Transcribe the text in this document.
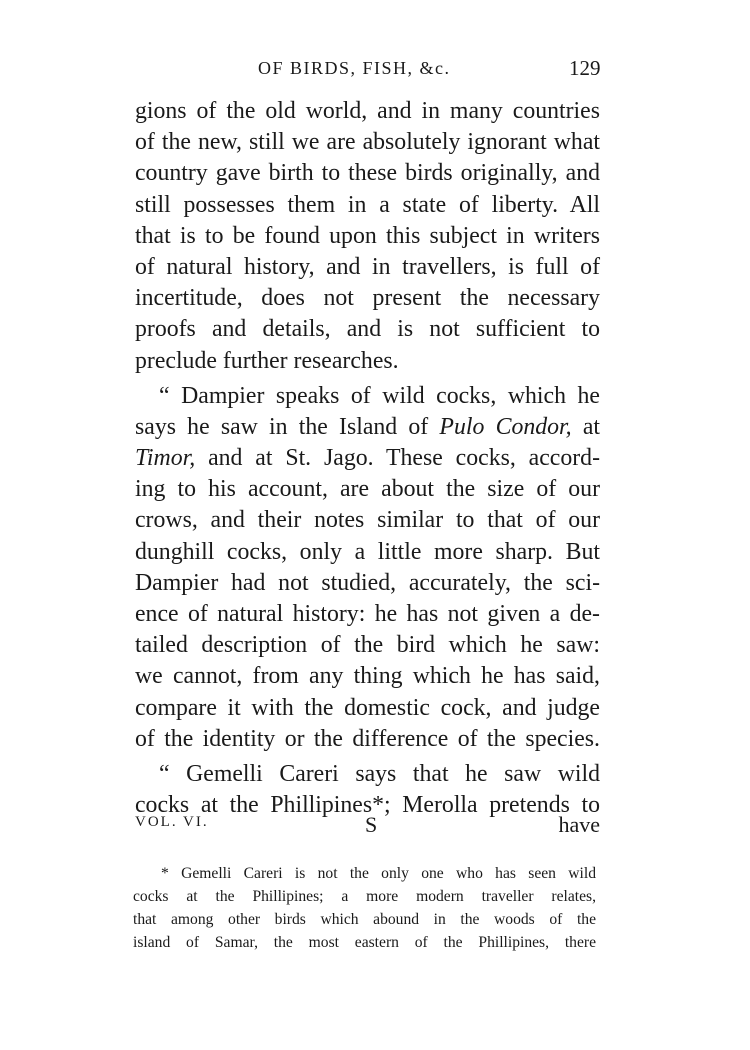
OF BIRDS, FISH, &c.	129
gions of the old world, and in many countries
of the new, still we are absolutely ignorant what
country gave birth to these birds originally, and
still possesses them in a state of liberty. All
that is to be found upon this subject in writers
of natural history, and in travellers, is full of
incertitude, does not present the necessary
proofs and details, and is not sufficient to
preclude further researches.
“ Dampier speaks of wild cocks, which he
says he saw in the Island of Pulo Condor, at
Timor, and at St. Jago. These cocks, accord-
ing to his account, are about the size of our
crows, and their notes similar to that of our
dunghill cocks, only a little more sharp. But
Dampier had not studied, accurately, the sci-
ence of natural history: he has not given a de-
tailed description of the bird which he saw:
we cannot, from any thing which he has said,
compare it with the domestic cock, and judge
of the identity or the difference of the species.
“ Gemelli Careri says that he saw wild
cocks at the Phillipines*; Merolla pretends to
VOL. VI.	S	have
* Gemelli Careri is not the only one who has seen wild
cocks at the Phillipines; a more modern traveller relates,
that among other birds which abound in the woods of the
island of Samar, the most eastern of the Phillipines, there
